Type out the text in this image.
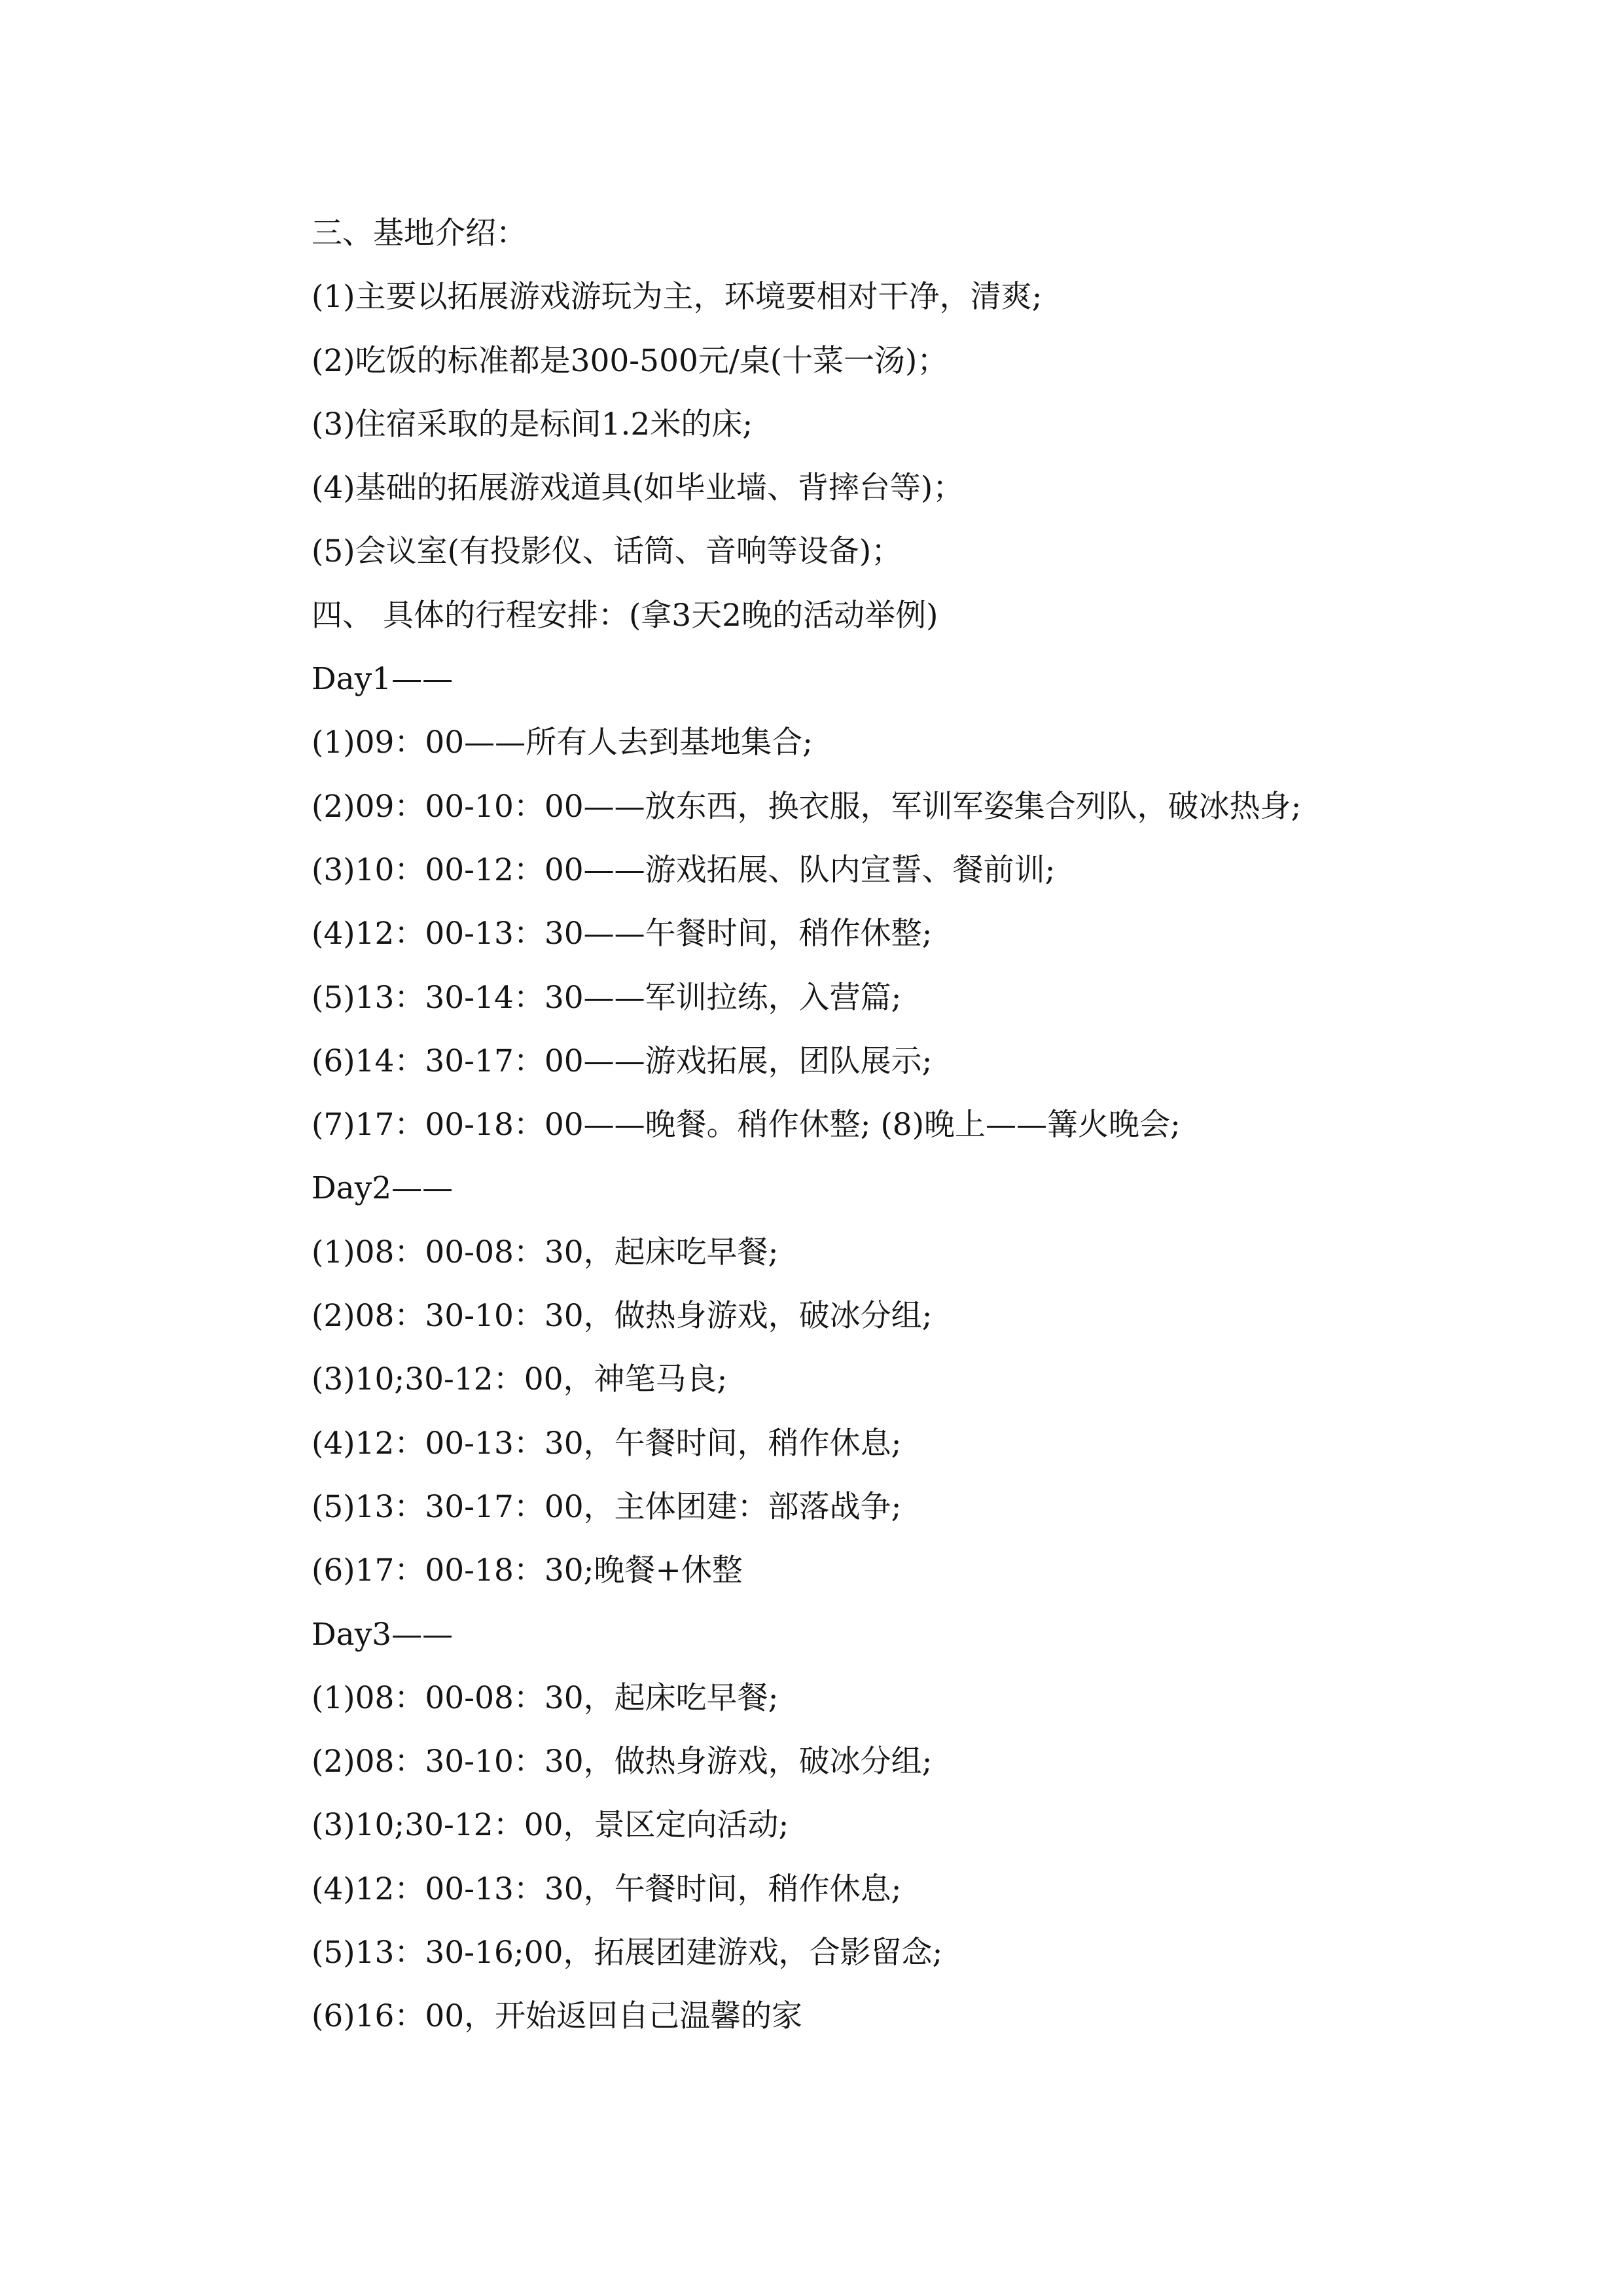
三、基地介绍：
(1)主要以拓展游戏游玩为主，环境要相对干净，清爽;
(2)吃饭的标准都是300-500元/桌(十菜一汤)；
(3)住宿采取的是标间1.2米的床;
(4)基础的拓展游戏道具(如毕业墙、背摔台等)；
(5)会议室(有投影仪、话筒、音响等设备)；
四、 具体的行程安排：(拿3天2晚的活动举例)
Day1——
(1)09：00——所有人去到基地集合;
(2)09：00-10：00——放东西，换衣服，军训军姿集合列队，破冰热身;
(3)10：00-12：00——游戏拓展、队内宣誓、餐前训;
(4)12：00-13：30——午餐时间，稍作休整;
(5)13：30-14：30——军训拉练，入营篇;
(6)14：30-17：00——游戏拓展，团队展示;
(7)17：00-18：00——晚餐。稍作休整; (8)晚上——篝火晚会;
Day2——
(1)08：00-08：30，起床吃早餐;
(2)08：30-10：30，做热身游戏，破冰分组;
(3)10;30-12：00，神笔马良;
(4)12：00-13：30，午餐时间，稍作休息;
(5)13：30-17：00，主体团建：部落战争;
(6)17：00-18：30;晚餐+休整
Day3——
(1)08：00-08：30，起床吃早餐;
(2)08：30-10：30，做热身游戏，破冰分组;
(3)10;30-12：00，景区定向活动;
(4)12：00-13：30，午餐时间，稍作休息;
(5)13：30-16;00，拓展团建游戏，合影留念;
(6)16：00，开始返回自己温馨的家
